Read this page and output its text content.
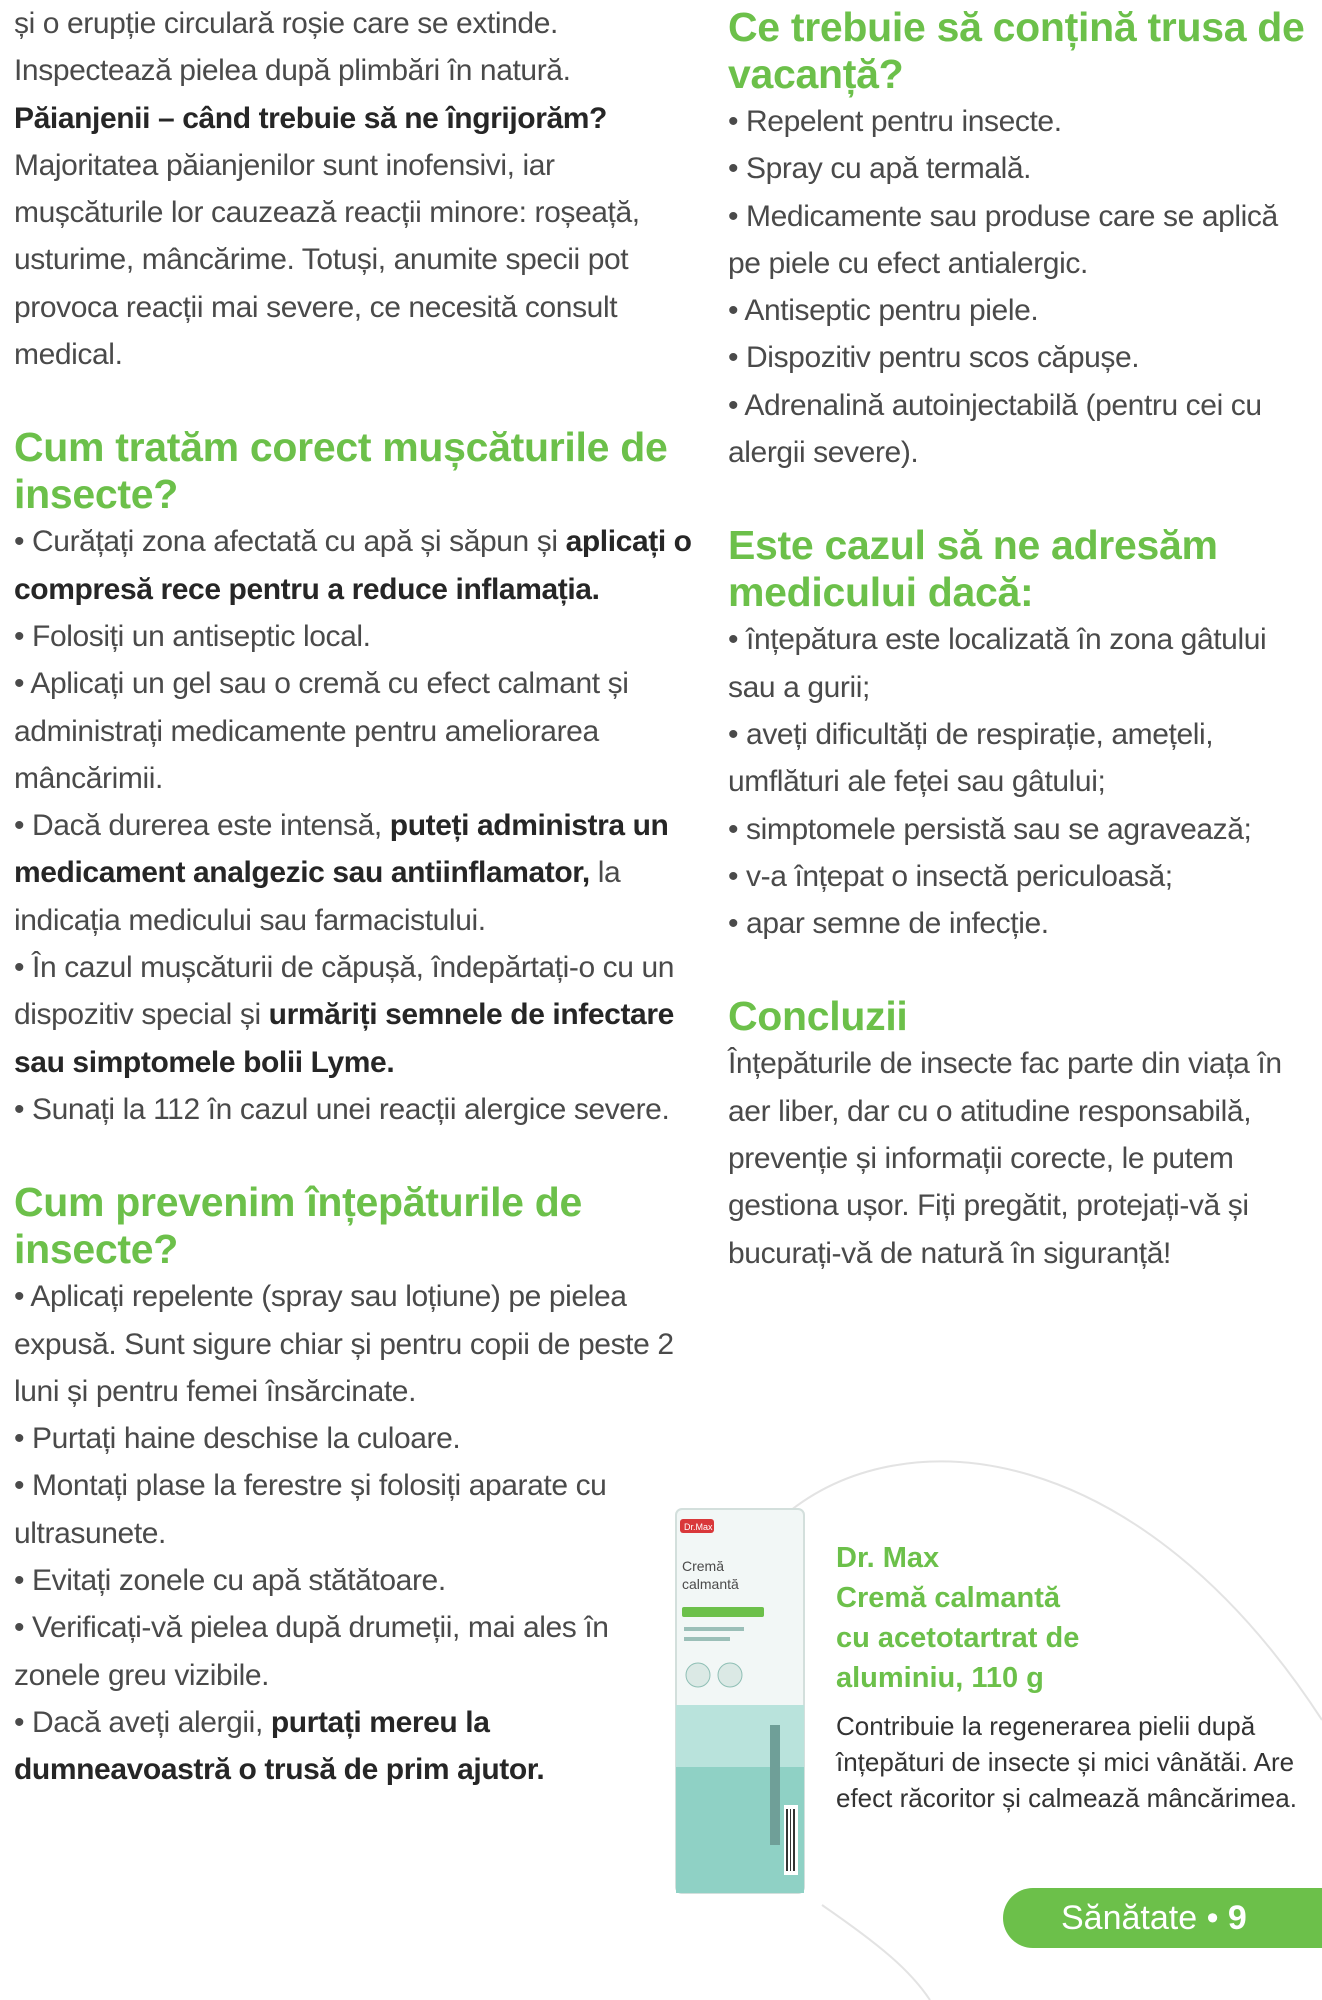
și o erupție circulară roșie care se extinde.

Inspectează pielea după plimbări în natură.

Păianjenii – când trebuie să ne îngrijorăm?
Majoritatea păianjenilor sunt inofensivi, iar mușcăturile lor cauzează reacții minore: roșeață, usturime, mâncărime. Totuși, anumite specii pot provoca reacții mai severe, ce necesită consult medical.

Cum tratăm corect mușcăturile de insecte?

• Curățați zona afectată cu apă și săpun și aplicați o compresă rece pentru a reduce inflamația.

• Folosiți un antiseptic local.

• Aplicați un gel sau o cremă cu efect calmant și administrați medicamente pentru ameliorarea mâncărimii.

• Dacă durerea este intensă, puteți administra un medicament analgezic sau antiinflamator, la indicația medicului sau farmacistului.

• În cazul mușcăturii de căpușă, îndepărtați-o cu un dispozitiv special și urmăriți semnele de infectare sau simptomele bolii Lyme.

• Sunați la 112 în cazul unei reacții alergice severe.

Cum prevenim înțepăturile de insecte?

• Aplicați repelente (spray sau loțiune) pe pielea expusă. Sunt sigure chiar și pentru copii de peste 2 luni și pentru femei însărcinate.

• Purtați haine deschise la culoare.

• Montați plase la ferestre și folosiți aparate cu ultrasunete.

• Evitați zonele cu apă stătătoare.

• Verificați-vă pielea după drumeții, mai ales în zonele greu vizibile.

• Dacă aveți alergii, purtați mereu la dumneavoastră o trusă de prim ajutor.

Ce trebuie să conțină trusa de vacanță?

• Repelent pentru insecte.

• Spray cu apă termală.

• Medicamente sau produse care se aplică pe piele cu efect antialergic.

• Antiseptic pentru piele.

• Dispozitiv pentru scos căpușe.

• Adrenalină autoinjectabilă (pentru cei cu alergii severe).

Este cazul să ne adresăm medicului dacă:

• înțepătura este localizată în zona gâtului sau a gurii;

• aveți dificultăți de respirație, amețeli, umflături ale feței sau gâtului;

• simptomele persistă sau se agravează;

• v-a înțepat o insectă periculoasă;

• apar semne de infecție.

Concluzii

Înțepăturile de insecte fac parte din viața în aer liber, dar cu o atitudine responsabilă, prevenție și informații corecte, le putem gestiona ușor. Fiți pregătit, protejați-vă și bucurați-vă de natură în siguranță!

Dr.Max
Cremă
calmantă
Dr. Max
Cremă calmantă
cu acetotartrat de
aluminiu, 110 g
Contribuie la regenerarea pielii după înțepături de insecte și mici vânătăi. Are efect răcoritor și calmează mâncărimea.
Sănătate • 9
